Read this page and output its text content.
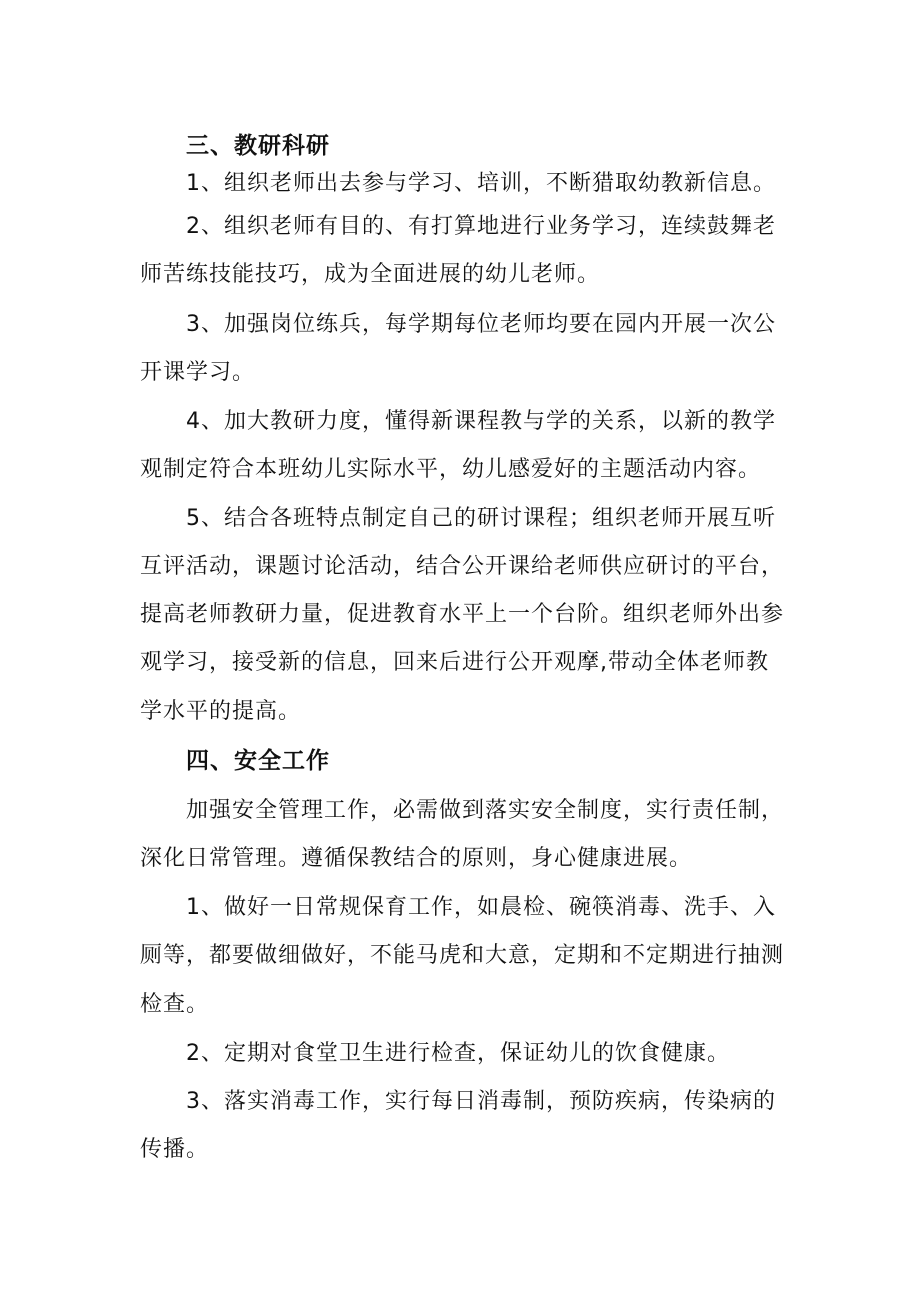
三、教研科研
1、组织老师出去参与学习、培训，不断猎取幼教新信息。
2、组织老师有目的、有打算地进行业务学习，连续鼓舞老
师苦练技能技巧，成为全面进展的幼儿老师。
3、加强岗位练兵，每学期每位老师均要在园内开展一次公
开课学习。
4、加大教研力度，懂得新课程教与学的关系，以新的教学
观制定符合本班幼儿实际水平，幼儿感爱好的主题活动内容。
5、结合各班特点制定自己的研讨课程；组织老师开展互听
互评活动，课题讨论活动，结合公开课给老师供应研讨的平台，
提高老师教研力量，促进教育水平上一个台阶。组织老师外出参
观学习，接受新的信息，回来后进行公开观摩,带动全体老师教
学水平的提高。
四、安全工作
加强安全管理工作，必需做到落实安全制度，实行责任制，
深化日常管理。遵循保教结合的原则，身心健康进展。
1、做好一日常规保育工作，如晨检、碗筷消毒、洗手、入
厕等，都要做细做好，不能马虎和大意，定期和不定期进行抽测
检查。
2、定期对食堂卫生进行检查，保证幼儿的饮食健康。
3、落实消毒工作，实行每日消毒制，预防疾病，传染病的
传播。
